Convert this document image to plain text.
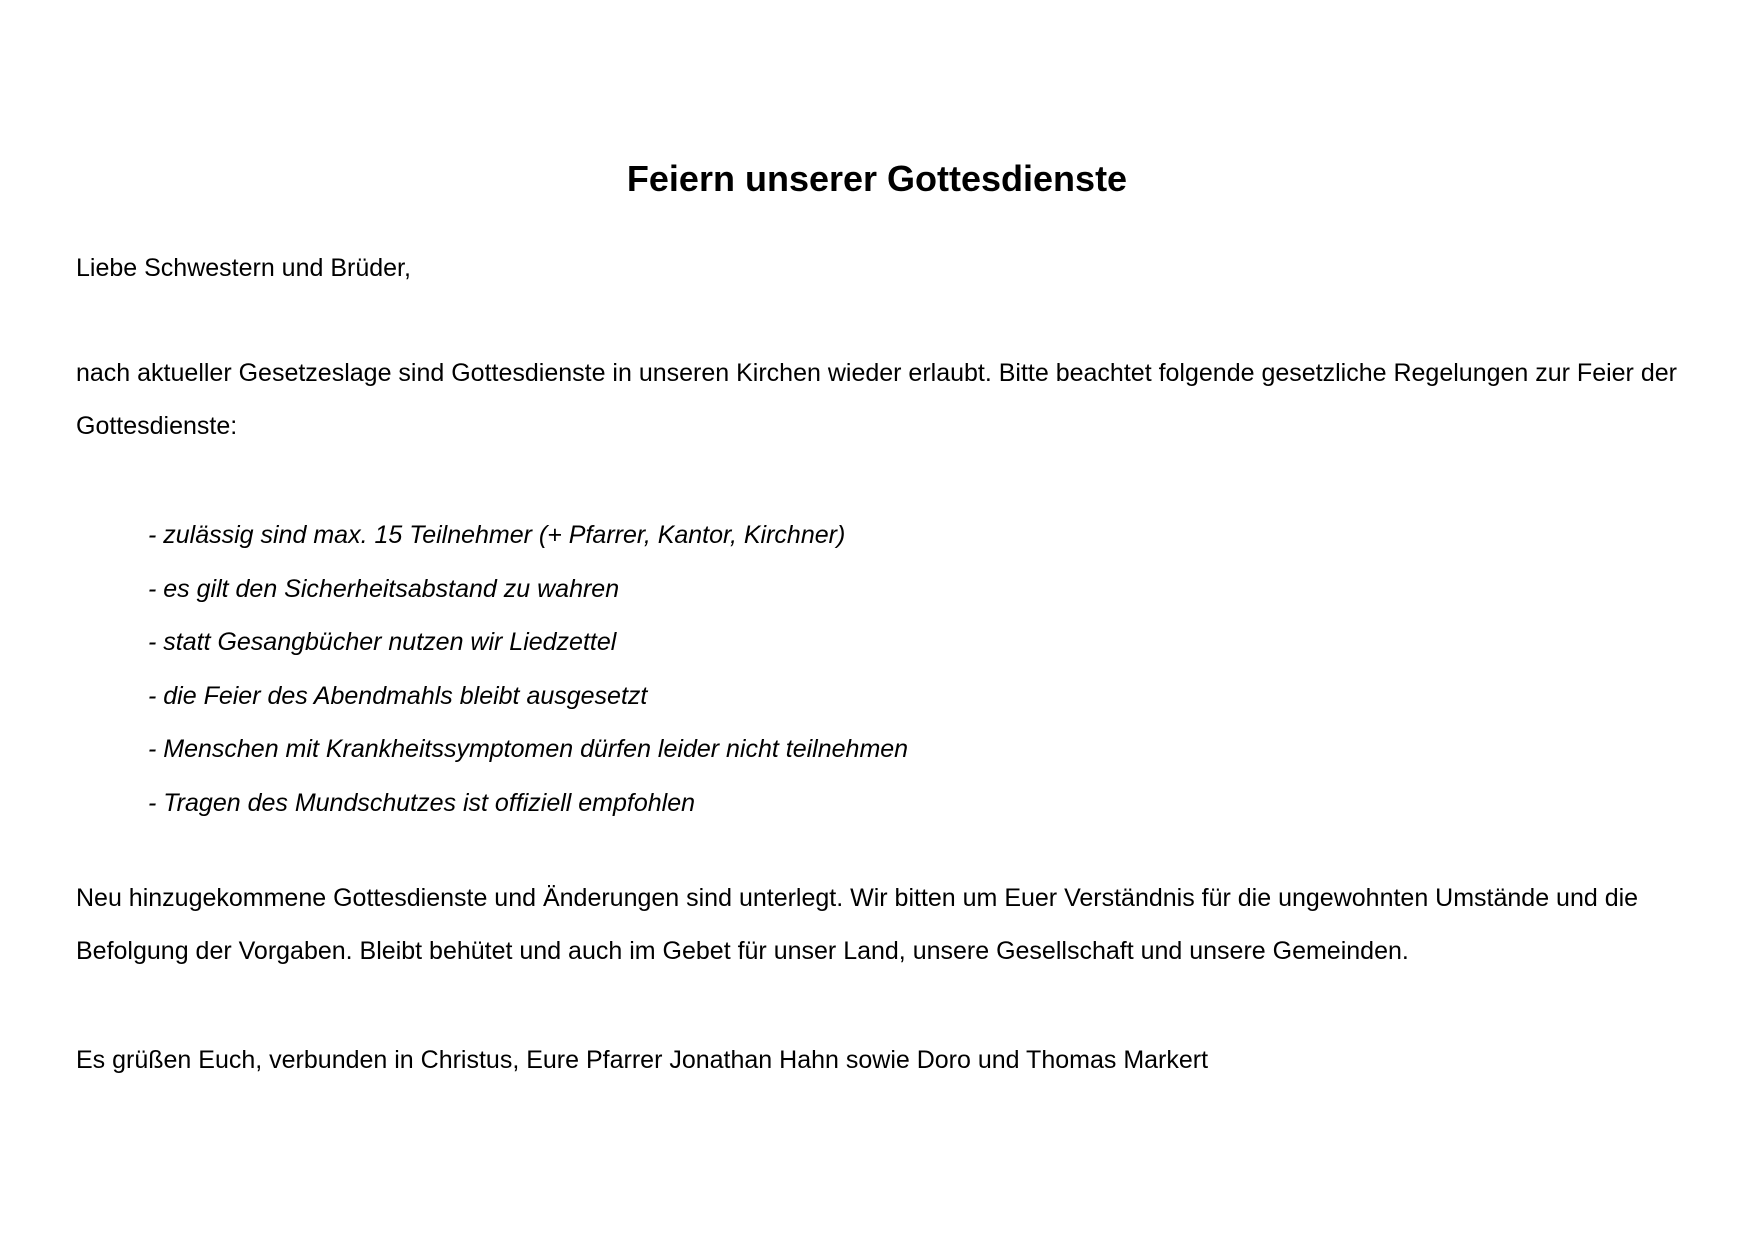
Feiern unserer Gottesdienste

Liebe Schwestern und Brüder,

nach aktueller Gesetzeslage sind Gottesdienste in unseren Kirchen wieder erlaubt. Bitte beachtet folgende gesetzliche Regelungen zur Feier der Gottesdienste:

- zulässig sind max. 15 Teilnehmer (+ Pfarrer, Kantor, Kirchner)
- es gilt den Sicherheitsabstand zu wahren
- statt Gesangbücher nutzen wir Liedzettel
- die Feier des Abendmahls bleibt ausgesetzt
- Menschen mit Krankheitssymptomen dürfen leider nicht teilnehmen
- Tragen des Mundschutzes ist offiziell empfohlen

Neu hinzugekommene Gottesdienste und Änderungen sind unterlegt. Wir bitten um Euer Verständnis für die ungewohnten Umstände und die Befolgung der Vorgaben. Bleibt behütet und auch im Gebet für unser Land, unsere Gesellschaft und unsere Gemeinden.

Es grüßen Euch, verbunden in Christus, Eure Pfarrer Jonathan Hahn sowie Doro und Thomas Markert
